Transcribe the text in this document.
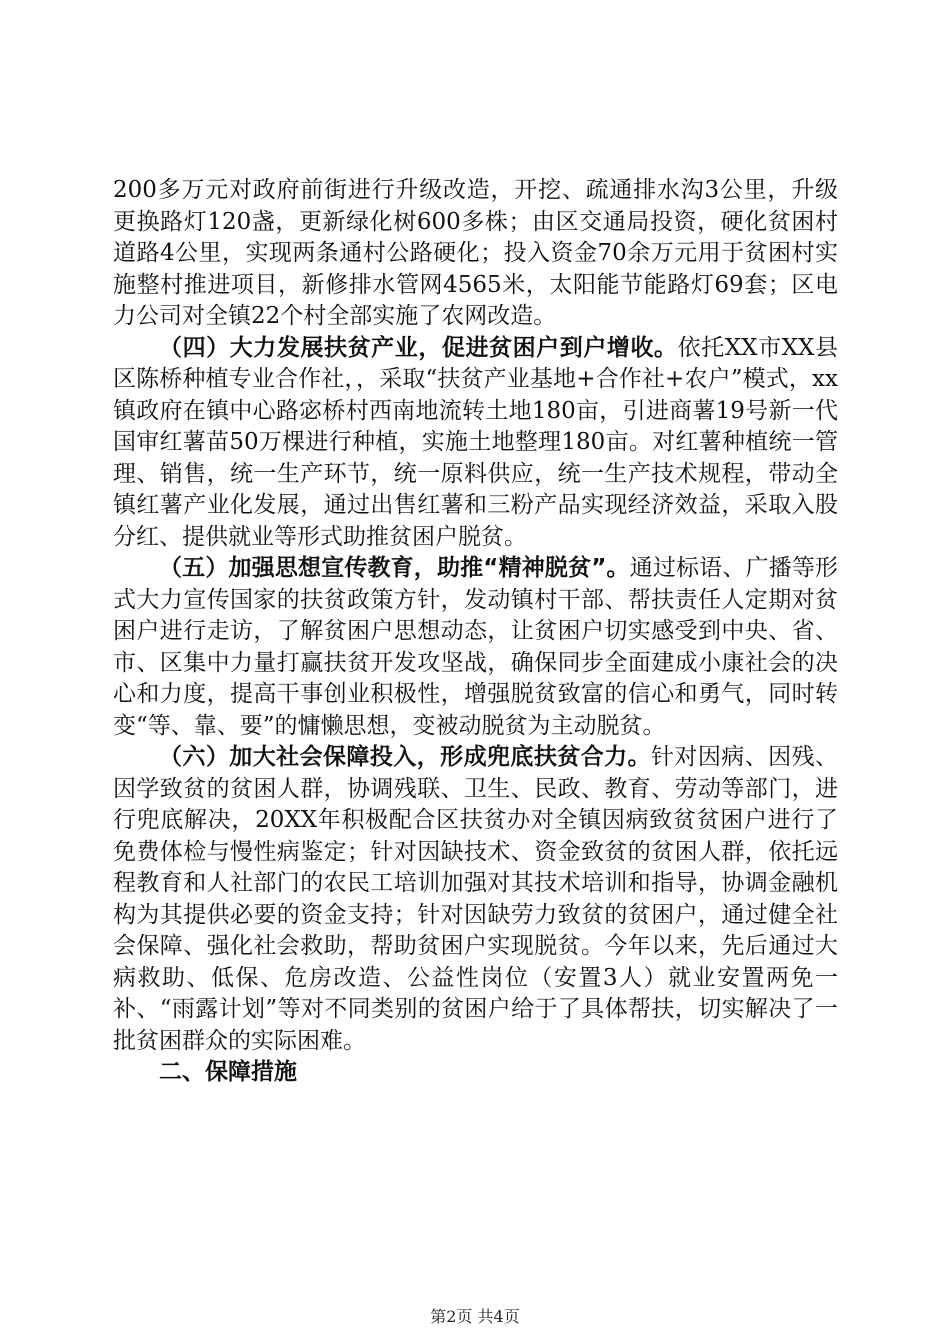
200多万元对政府前街进行升级改造，开挖、疏通排水沟3公里，升级更换路灯120盏，更新绿化树600多株；由区交通局投资，硬化贫困村道路4公里，实现两条通村公路硬化；投入资金70余万元用于贫困村实施整村推进项目，新修排水管网4565米，太阳能节能路灯69套；区电力公司对全镇22个村全部实施了农网改造。

（四）大力发展扶贫产业，促进贫困户到户增收。依托XX市XX县区陈桥种植专业合作社，，采取“扶贫产业基地+合作社+农户”模式，xx镇政府在镇中心路宓桥村西南地流转土地180亩，引进商薯19号新一代国审红薯苗50万棵进行种植，实施土地整理180亩。对红薯种植统一管理、销售，统一生产环节，统一原料供应，统一生产技术规程，带动全镇红薯产业化发展，通过出售红薯和三粉产品实现经济效益，采取入股分红、提供就业等形式助推贫困户脱贫。

（五）加强思想宣传教育，助推“精神脱贫”。通过标语、广播等形式大力宣传国家的扶贫政策方针，发动镇村干部、帮扶责任人定期对贫困户进行走访，了解贫困户思想动态，让贫困户切实感受到中央、省、市、区集中力量打赢扶贫开发攻坚战，确保同步全面建成小康社会的决心和力度，提高干事创业积极性，增强脱贫致富的信心和勇气，同时转变“等、靠、要”的慵懒思想，变被动脱贫为主动脱贫。

（六）加大社会保障投入，形成兜底扶贫合力。针对因病、因残、因学致贫的贫困人群，协调残联、卫生、民政、教育、劳动等部门，进行兜底解决，20XX年积极配合区扶贫办对全镇因病致贫贫困户进行了免费体检与慢性病鉴定；针对因缺技术、资金致贫的贫困人群，依托远程教育和人社部门的农民工培训加强对其技术培训和指导，协调金融机构为其提供必要的资金支持；针对因缺劳力致贫的贫困户，通过健全社会保障、强化社会救助，帮助贫困户实现脱贫。今年以来，先后通过大病救助、低保、危房改造、公益性岗位（安置3人）就业安置两免一补、“雨露计划”等对不同类别的贫困户给于了具体帮扶，切实解决了一批贫困群众的实际困难。

二、保障措施

第2页 共4页
